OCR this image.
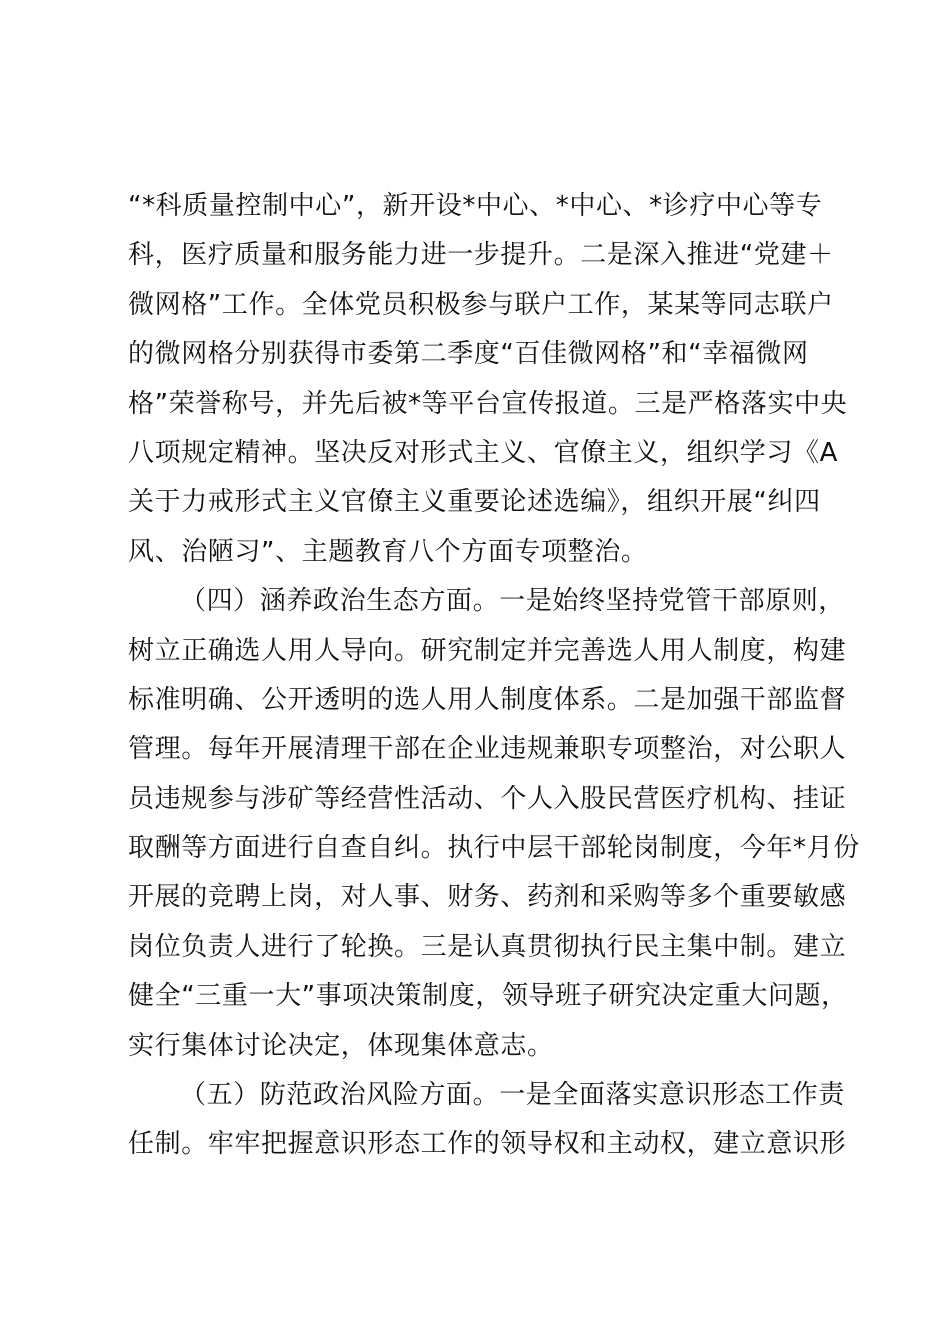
“*科质量控制中心”，新开设*中心、*中心、*诊疗中心等专
科，医疗质量和服务能力进一步提升。二是深入推进“党建＋
微网格”工作。全体党员积极参与联户工作，某某等同志联户
的微网格分别获得市委第二季度“百佳微网格”和“幸福微网
格”荣誉称号，并先后被*等平台宣传报道。三是严格落实中央
八项规定精神。坚决反对形式主义、官僚主义，组织学习《A
关于力戒形式主义官僚主义重要论述选编》，组织开展“纠四
风、治陋习”、主题教育八个方面专项整治。
（四）涵养政治生态方面。一是始终坚持党管干部原则，
树立正确选人用人导向。研究制定并完善选人用人制度，构建
标准明确、公开透明的选人用人制度体系。二是加强干部监督
管理。每年开展清理干部在企业违规兼职专项整治，对公职人
员违规参与涉矿等经营性活动、个人入股民营医疗机构、挂证
取酬等方面进行自查自纠。执行中层干部轮岗制度，今年*月份
开展的竞聘上岗，对人事、财务、药剂和采购等多个重要敏感
岗位负责人进行了轮换。三是认真贯彻执行民主集中制。建立
健全“三重一大”事项决策制度，领导班子研究决定重大问题，
实行集体讨论决定，体现集体意志。
（五）防范政治风险方面。一是全面落实意识形态工作责
任制。牢牢把握意识形态工作的领导权和主动权，建立意识形
